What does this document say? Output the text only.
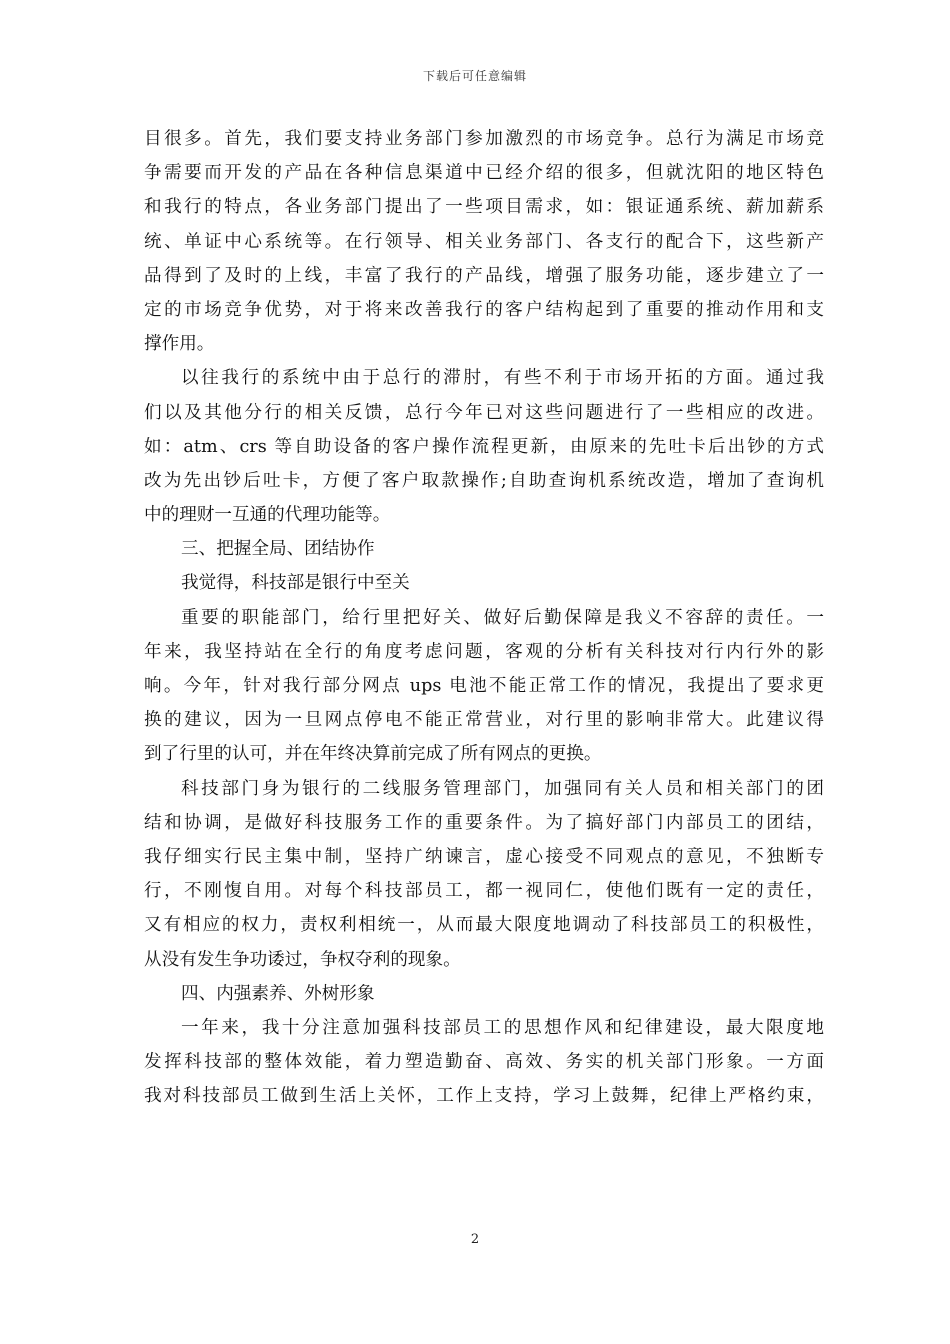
下载后可任意编辑
目很多。首先，我们要支持业务部门参加激烈的市场竞争。总行为满足市场竞
争需要而开发的产品在各种信息渠道中已经介绍的很多，但就沈阳的地区特色
和我行的特点，各业务部门提出了一些项目需求，如：银证通系统、薪加薪系
统、单证中心系统等。在行领导、相关业务部门、各支行的配合下，这些新产
品得到了及时的上线，丰富了我行的产品线，增强了服务功能，逐步建立了一
定的市场竞争优势，对于将来改善我行的客户结构起到了重要的推动作用和支
撑作用。
以往我行的系统中由于总行的滞肘，有些不利于市场开拓的方面。通过我
们以及其他分行的相关反馈，总行今年已对这些问题进行了一些相应的改进。
如：atm、crs 等自助设备的客户操作流程更新，由原来的先吐卡后出钞的方式
改为先出钞后吐卡，方便了客户取款操作;自助查询机系统改造，增加了查询机
中的理财一互通的代理功能等。
三、把握全局、团结协作
我觉得，科技部是银行中至关
重要的职能部门，给行里把好关、做好后勤保障是我义不容辞的责任。一
年来，我坚持站在全行的角度考虑问题，客观的分析有关科技对行内行外的影
响。今年，针对我行部分网点 ups 电池不能正常工作的情况，我提出了要求更
换的建议，因为一旦网点停电不能正常营业，对行里的影响非常大。此建议得
到了行里的认可，并在年终决算前完成了所有网点的更换。
科技部门身为银行的二线服务管理部门，加强同有关人员和相关部门的团
结和协调，是做好科技服务工作的重要条件。为了搞好部门内部员工的团结，
我仔细实行民主集中制，坚持广纳谏言，虚心接受不同观点的意见，不独断专
行，不刚愎自用。对每个科技部员工，都一视同仁，使他们既有一定的责任，
又有相应的权力，责权利相统一，从而最大限度地调动了科技部员工的积极性，
从没有发生争功诿过，争权夺利的现象。
四、内强素养、外树形象
一年来，我十分注意加强科技部员工的思想作风和纪律建设，最大限度地
发挥科技部的整体效能，着力塑造勤奋、高效、务实的机关部门形象。一方面
我对科技部员工做到生活上关怀，工作上支持，学习上鼓舞，纪律上严格约束，
2
